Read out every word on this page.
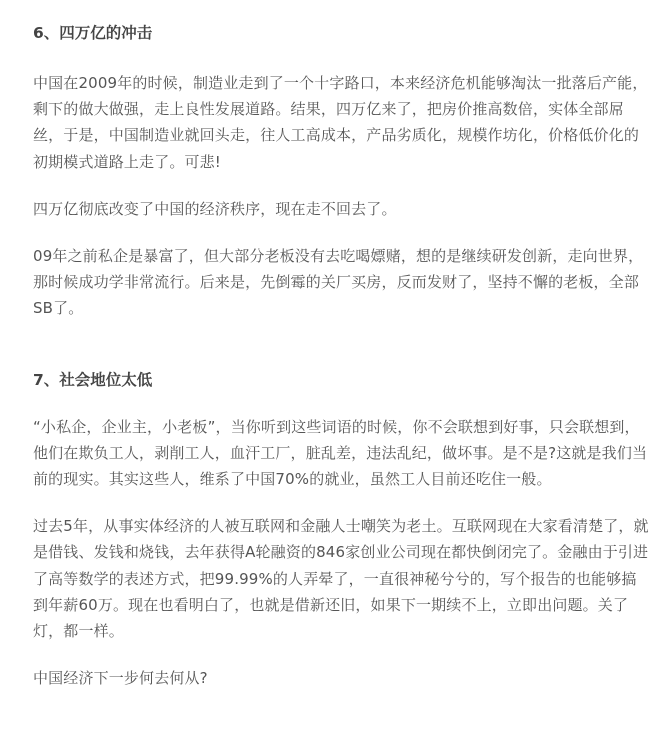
6、四万亿的冲击

中国在2009年的时候，制造业走到了一个十字路口，本来经济危机能够淘汰一批落后产能，剩下的做大做强，走上良性发展道路。结果，四万亿来了，把房价推高数倍，实体全部屌丝，于是，中国制造业就回头走，往人工高成本，产品劣质化，规模作坊化，价格低价化的初期模式道路上走了。可悲!

四万亿彻底改变了中国的经济秩序，现在走不回去了。

09年之前私企是暴富了，但大部分老板没有去吃喝嫖赌，想的是继续研发创新，走向世界，那时候成功学非常流行。后来是，先倒霉的关厂买房，反而发财了，坚持不懈的老板，全部SB了。

7、社会地位太低

“小私企，企业主，小老板”，当你听到这些词语的时候，你不会联想到好事，只会联想到，他们在欺负工人，剥削工人，血汗工厂，脏乱差，违法乱纪，做坏事。是不是?这就是我们当前的现实。其实这些人，维系了中国70%的就业，虽然工人目前还吃住一般。

过去5年，从事实体经济的人被互联网和金融人士嘲笑为老土。互联网现在大家看清楚了，就是借钱、发钱和烧钱，去年获得A轮融资的846家创业公司现在都快倒闭完了。金融由于引进了高等数学的表述方式，把99.99%的人弄晕了，一直很神秘兮兮的，写个报告的也能够搞到年薪60万。现在也看明白了，也就是借新还旧，如果下一期续不上，立即出问题。关了灯，都一样。

中国经济下一步何去何从?
